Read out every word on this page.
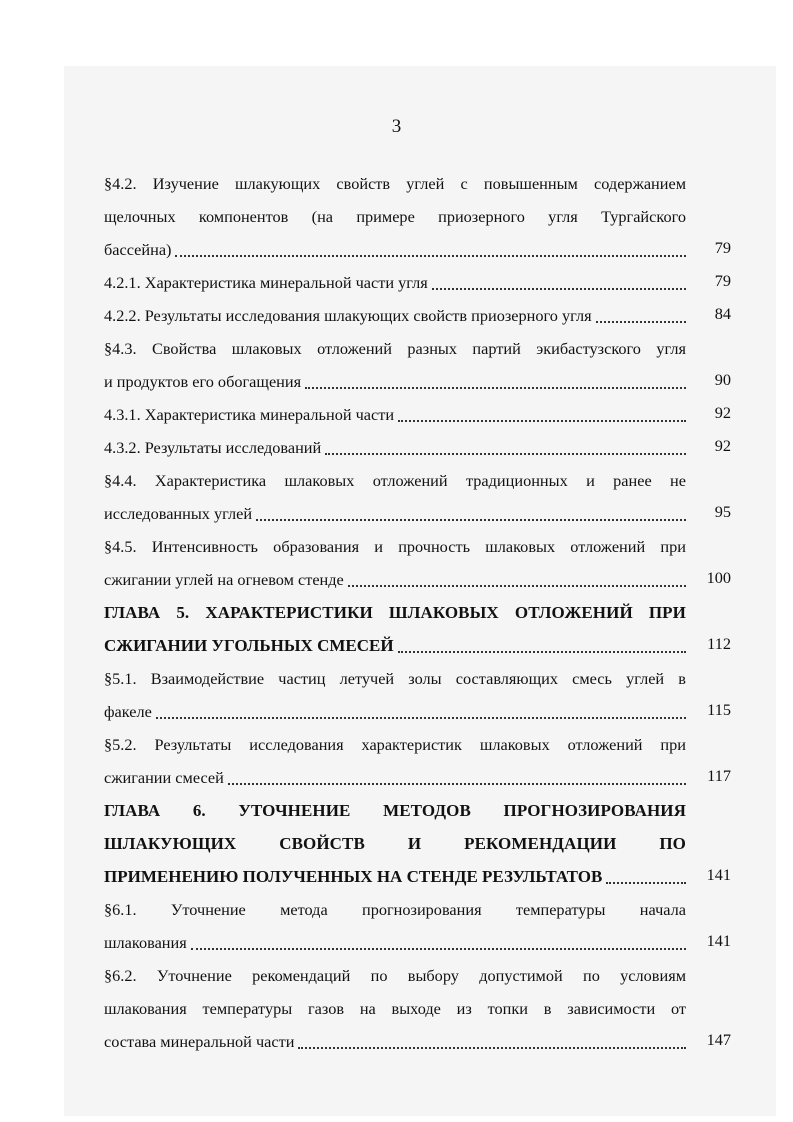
3
§4.2. Изучение шлакующих свойств углей с повышенным содержанием
щелочных компонентов (на примере приозерного угля Тургайского
бассейна)	79
4.2.1. Характеристика минеральной части угля	79
4.2.2. Результаты исследования шлакующих свойств приозерного угля	84
§4.3. Свойства шлаковых отложений разных партий экибастузского угля
и продуктов его обогащения	90
4.3.1. Характеристика минеральной части	92
4.3.2. Результаты исследований	92
§4.4. Характеристика шлаковых отложений традиционных и ранее не
исследованных углей	95
§4.5. Интенсивность образования и прочность шлаковых отложений при
сжигании углей на огневом стенде	100
ГЛАВА 5. ХАРАКТЕРИСТИКИ ШЛАКОВЫХ ОТЛОЖЕНИЙ ПРИ
СЖИГАНИИ УГОЛЬНЫХ СМЕСЕЙ	112
§5.1. Взаимодействие частиц летучей золы составляющих смесь углей в
факеле	115
§5.2. Результаты исследования характеристик шлаковых отложений при
сжигании смесей	117
ГЛАВА 6. УТОЧНЕНИЕ МЕТОДОВ ПРОГНОЗИРОВАНИЯ
ШЛАКУЮЩИХ СВОЙСТВ И РЕКОМЕНДАЦИИ ПО
ПРИМЕНЕНИЮ ПОЛУЧЕННЫХ НА СТЕНДЕ РЕЗУЛЬТАТОВ	141
§6.1. Уточнение метода прогнозирования температуры начала
шлакования	141
§6.2. Уточнение рекомендаций по выбору допустимой по условиям
шлакования температуры газов на выходе из топки в зависимости от
состава минеральной части	147
